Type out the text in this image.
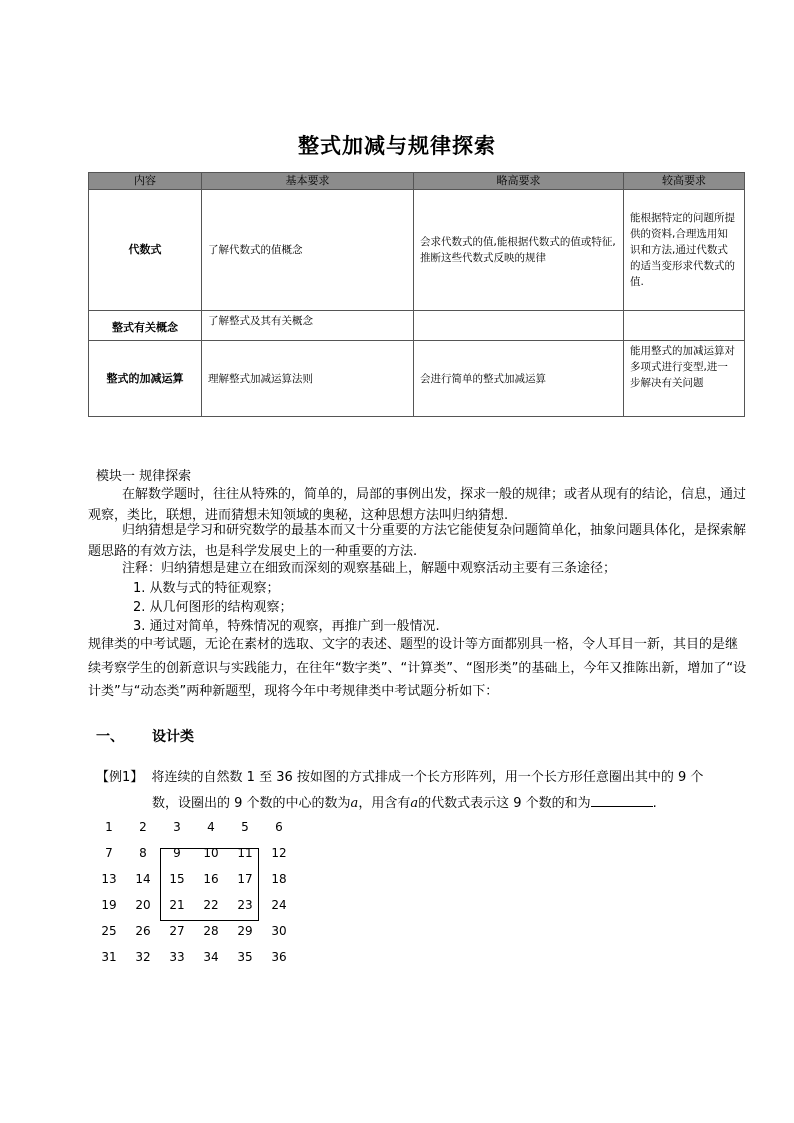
整式加减与规律探索
内容	基本要求	略高要求	较高要求
代数式	了解代数式的值概念	会求代数式的值,能根据代数式的值或特征,推断这些代数式反映的规律	能根据特定的问题所提供的资料,合理选用知识和方法,通过代数式的适当变形求代数式的值.
整式有关概念	了解整式及其有关概念		
整式的加减运算	理解整式加减运算法则	会进行简单的整式加减运算	能用整式的加减运算对多项式进行变型,进一步解决有关问题
模块一 规律探索
在解数学题时，往往从特殊的，简单的，局部的事例出发，探求一般的规律；或者从现有的结论，信息，通过观察，类比，联想，进而猜想未知领域的奥秘，这种思想方法叫归纳猜想.
归纳猜想是学习和研究数学的最基本而又十分重要的方法它能使复杂问题简单化，抽象问题具体化，是探索解题思路的有效方法，也是科学发展史上的一种重要的方法.
注释：归纳猜想是建立在细致而深刻的观察基础上，解题中观察活动主要有三条途径；
1. 从数与式的特征观察；
2. 从几何图形的结构观察；
3. 通过对简单，特殊情况的观察，再推广到一般情况.
规律类的中考试题，无论在素材的选取、文字的表述、题型的设计等方面都别具一格，令人耳目一新，其目的是继续考察学生的创新意识与实践能力，在往年“数字类”、“计算类”、“图形类”的基础上，今年又推陈出新，增加了“设计类”与“动态类”两种新题型，现将今年中考规律类中考试题分析如下：
一、 设计类
【例1】 将连续的自然数 1 至 36 按如图的方式排成一个长方形阵列，用一个长方形任意圈出其中的 9 个
数，设圈出的 9 个数的中心的数为a，用含有a的代数式表示这 9 个数的和为	.
1	2	3	4	5	6
7	8	9	10	11	12
13	14	15	16	17	18
19	20	21	22	23	24
25	26	27	28	29	30
31	32	33	34	35	36
